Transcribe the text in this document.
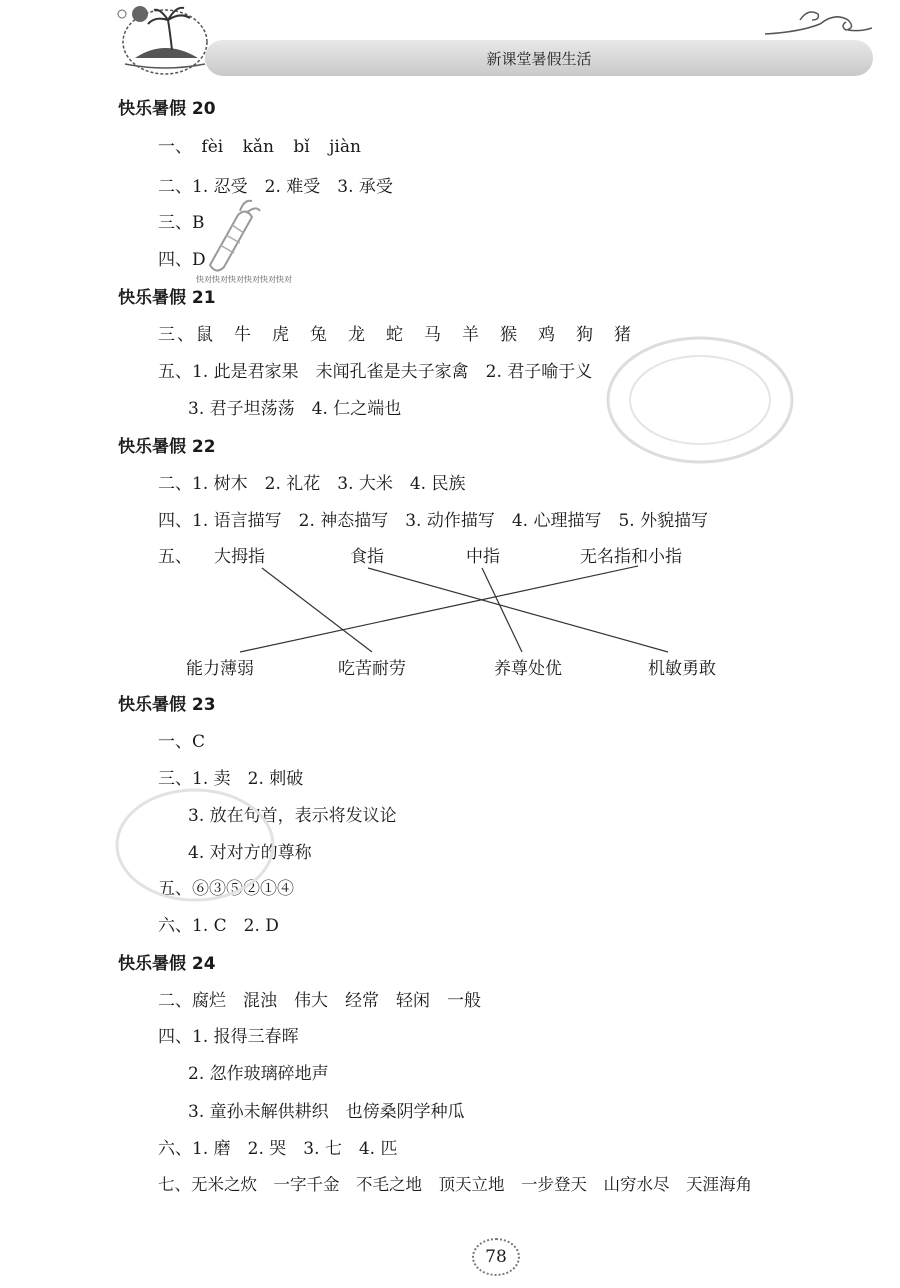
新课堂暑假生活
快乐暑假 20
一、 fèi kǎn bǐ jiàn
二、1. 忍受　2. 难受　3. 承受
三、B
四、D
快对快对快对快对快对快对
快乐暑假 21
三、鼠　牛　虎　兔　龙　蛇　马　羊　猴　鸡　狗　猪
五、1. 此是君家果　未闻孔雀是夫子家禽　2. 君子喻于义
3. 君子坦荡荡　4. 仁之端也
快乐暑假 22
二、1. 树木　2. 礼花　3. 大米　4. 民族
四、1. 语言描写　2. 神态描写　3. 动作描写　4. 心理描写　5. 外貌描写
五、 大拇指	食指	中指	无名指和小指
能力薄弱	吃苦耐劳	养尊处优	机敏勇敢
快乐暑假 23
一、C
三、1. 卖　2. 刺破
3. 放在句首，表示将发议论
4. 对对方的尊称
五、⑥③⑤②①④
六、1. C　2. D
快乐暑假 24
二、腐烂　混浊　伟大　经常　轻闲　一般
四、1. 报得三春晖
2. 忽作玻璃碎地声
3. 童孙未解供耕织　也傍桑阴学种瓜
六、1. 磨　2. 哭　3. 七　4. 匹
七、无米之炊　一字千金　不毛之地　顶天立地　一步登天　山穷水尽　天涯海角
78
